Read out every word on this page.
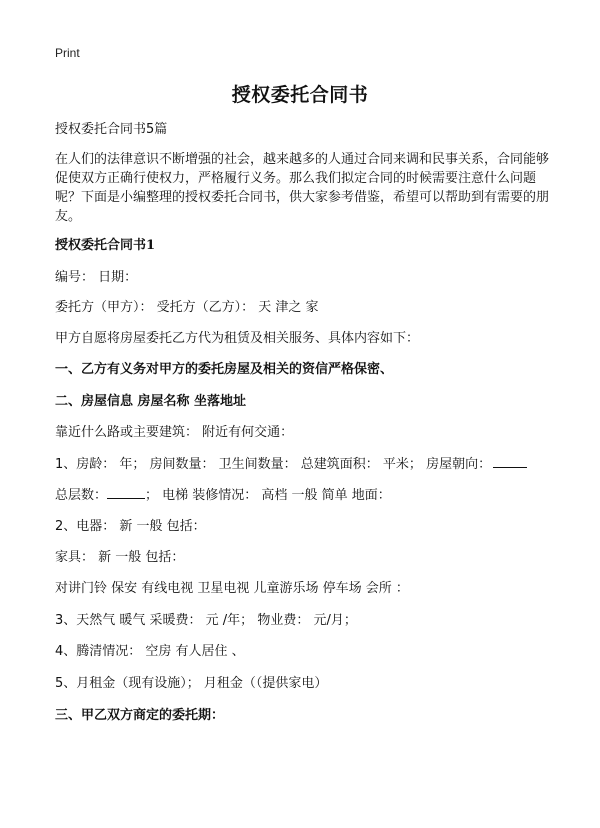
Print
授权委托合同书
授权委托合同书5篇
在人们的法律意识不断增强的社会，越来越多的人通过合同来调和民事关系，合同能够促使双方正确行使权力，严格履行义务。那么我们拟定合同的时候需要注意什么问题呢？下面是小编整理的授权委托合同书，供大家参考借鉴，希望可以帮助到有需要的朋友。
授权委托合同书1
编号： 日期：
委托方（甲方）： 受托方（乙方）： 天 津之 家
甲方自愿将房屋委托乙方代为租赁及相关服务、具体内容如下：
一、乙方有义务对甲方的委托房屋及相关的资信严格保密、
二、房屋信息 房屋名称 坐落地址
靠近什么路或主要建筑： 附近有何交通：
1、房龄： 年； 房间数量： 卫生间数量： 总建筑面积： 平米； 房屋朝向：
总层数：	； 电梯 装修情况： 高档 一般 简单 地面：
2、电器： 新 一般 包括：
家具： 新 一般 包括：
对讲门铃 保安 有线电视 卫星电视 儿童游乐场 停车场 会所 ：
3、天然气 暖气 采暖费： 元 /年； 物业费： 元/月；
4、腾清情况： 空房 有人居住 、
5、月租金（现有设施）； 月租金（（提供家电）
三、甲乙双方商定的委托期：
